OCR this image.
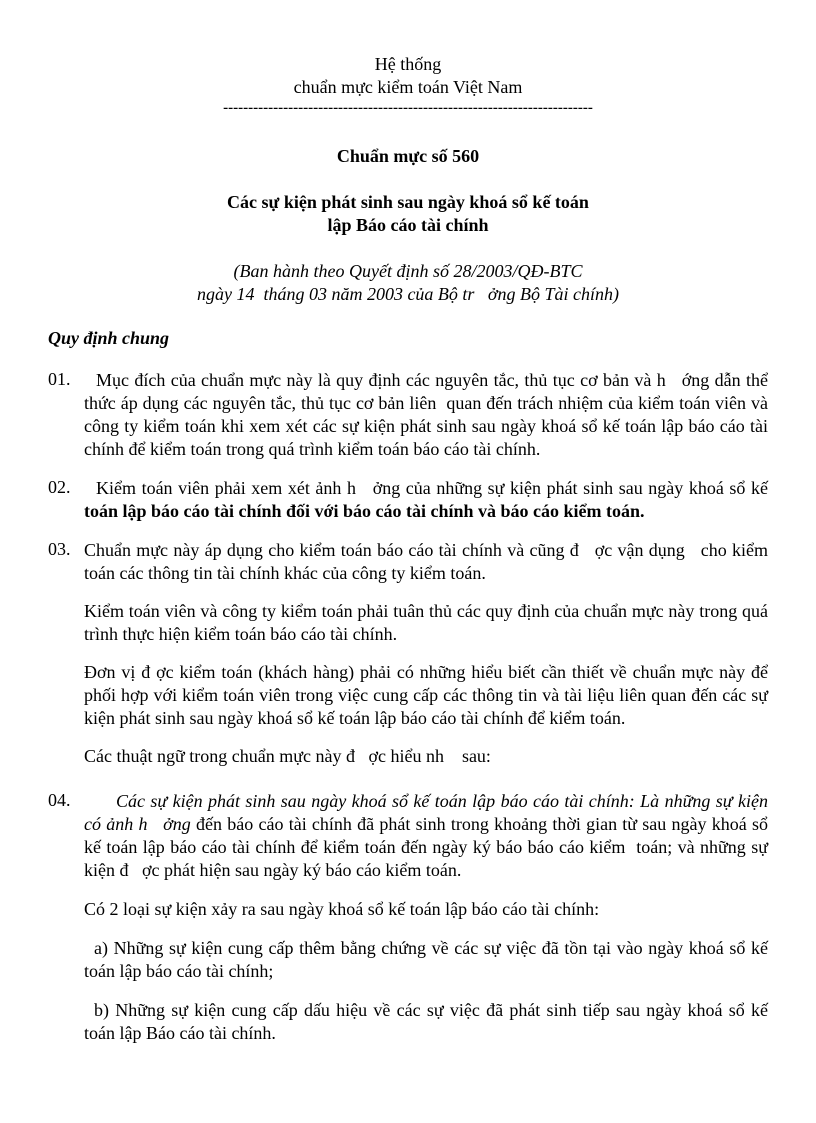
Hệ thống
chuẩn mực kiểm toán Việt Nam
--------------------------------------------------------------------------
Chuẩn mực số 560
Các sự kiện phát sinh sau ngày khoá sổ kế toán
lập Báo cáo tài chính
(Ban hành theo Quyết định số 28/2003/QĐ-BTC
ngày 14  tháng 03 năm 2003 của Bộ tr   ởng Bộ Tài chính)
Quy định chung
01.	Mục đích của chuẩn mực này là quy định các nguyên tắc, thủ tục cơ bản và h   ớng dẫn thể thức áp dụng các nguyên tắc, thủ tục cơ bản liên  quan đến trách nhiệm của kiểm toán viên và công ty kiểm toán khi xem xét các sự kiện phát sinh sau ngày khoá sổ kế toán lập báo cáo tài chính để kiểm toán trong quá trình kiểm toán báo cáo tài chính.
02.	Kiểm toán viên phải xem xét ảnh h   ởng của những sự kiện phát sinh sau ngày khoá sổ kế toán lập báo cáo tài chính đối với báo cáo tài chính và báo cáo kiểm toán.
03. Chuẩn mực này áp dụng cho kiểm toán báo cáo tài chính và cũng đ   ợc vận dụng   cho kiểm toán các thông tin tài chính khác của công ty kiểm toán.
Kiểm toán viên và công ty kiểm toán phải tuân thủ các quy định của chuẩn mực này trong quá trình thực hiện kiểm toán báo cáo tài chính.
Đơn vị đ ợc kiểm toán (khách hàng) phải có những hiểu biết cần thiết về chuẩn mực này để phối hợp với kiểm toán viên trong việc cung cấp các thông tin và tài liệu liên quan đến các sự kiện phát sinh sau ngày khoá sổ kế toán lập báo cáo tài chính để kiểm toán.
Các thuật ngữ trong chuẩn mực này đ   ợc hiểu nh    sau:
04.	Các sự kiện phát sinh sau ngày khoá sổ kế toán lập báo cáo tài chính: Là những sự kiện có ảnh h   ởng đến báo cáo tài chính đã phát sinh trong khoảng thời gian từ sau ngày khoá sổ kế toán lập báo cáo tài chính để kiểm toán đến ngày ký báo báo cáo kiểm  toán; và những sự kiện đ   ợc phát hiện sau ngày ký báo cáo kiểm toán.
Có 2 loại sự kiện xảy ra sau ngày khoá sổ kế toán lập báo cáo tài chính:
a) Những sự kiện cung cấp thêm bằng chứng về các sự việc đã tồn tại vào ngày khoá sổ kế toán lập báo cáo tài chính;
b) Những sự kiện cung cấp dấu hiệu về các sự việc đã phát sinh tiếp sau ngày khoá sổ kế toán lập Báo cáo tài chính.
